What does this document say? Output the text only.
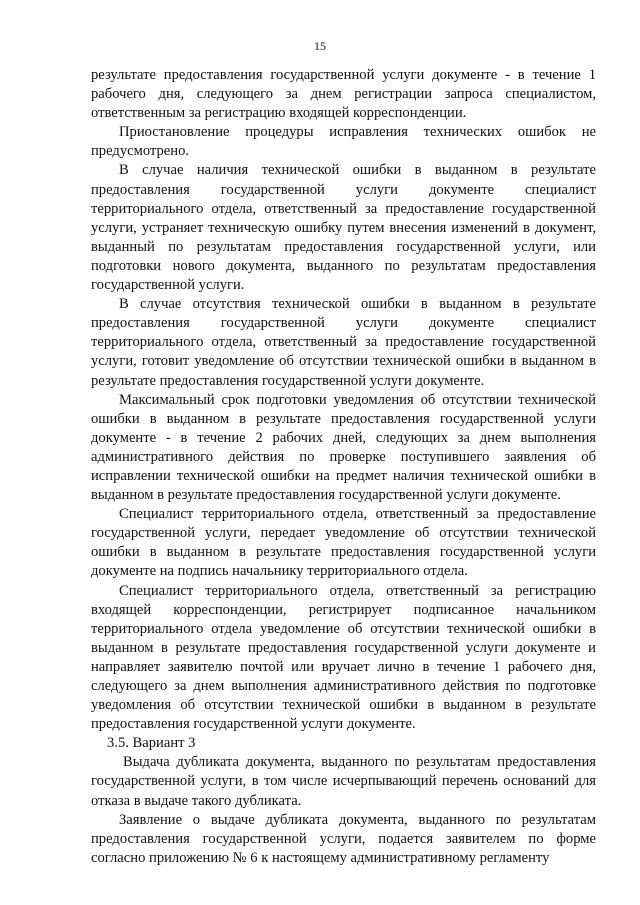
15

результате предоставления государственной услуги документе - в течение 1 рабочего дня, следующего за днем регистрации запроса специалистом, ответственным за регистрацию входящей корреспонденции.

Приостановление процедуры исправления технических ошибок не предусмотрено.

В случае наличия технической ошибки в выданном в результате предоставления государственной услуги документе специалист территориального отдела, ответственный за предоставление государственной услуги, устраняет техническую ошибку путем внесения изменений в документ, выданный по результатам предоставления государственной услуги, или подготовки нового документа, выданного по результатам предоставления государственной услуги.

В случае отсутствия технической ошибки в выданном в результате предоставления государственной услуги документе специалист территориального отдела, ответственный за предоставление государственной услуги, готовит уведомление об отсутствии технической ошибки в выданном в результате предоставления государственной услуги документе.

Максимальный срок подготовки уведомления об отсутствии технической ошибки в выданном в результате предоставления государственной услуги документе - в течение 2 рабочих дней, следующих за днем выполнения административного действия по проверке поступившего заявления об исправлении технической ошибки на предмет наличия технической ошибки в выданном в результате предоставления государственной услуги документе.

Специалист территориального отдела, ответственный за предоставление государственной услуги, передает уведомление об отсутствии технической ошибки в выданном в результате предоставления государственной услуги документе на подпись начальнику территориального отдела.

Специалист территориального отдела, ответственный за регистрацию входящей корреспонденции, регистрирует подписанное начальником территориального отдела уведомление об отсутствии технической ошибки в выданном в результате предоставления государственной услуги документе и направляет заявителю почтой или вручает лично в течение 1 рабочего дня, следующего за днем выполнения административного действия по подготовке уведомления об отсутствии технической ошибки в выданном в результате предоставления государственной услуги документе.

3.5. Вариант 3

Выдача дубликата документа, выданного по результатам предоставления государственной услуги, в том числе исчерпывающий перечень оснований для отказа в выдаче такого дубликата.

Заявление о выдаче дубликата документа, выданного по результатам предоставления государственной услуги, подается заявителем по форме согласно приложению № 6 к настоящему административному регламенту
